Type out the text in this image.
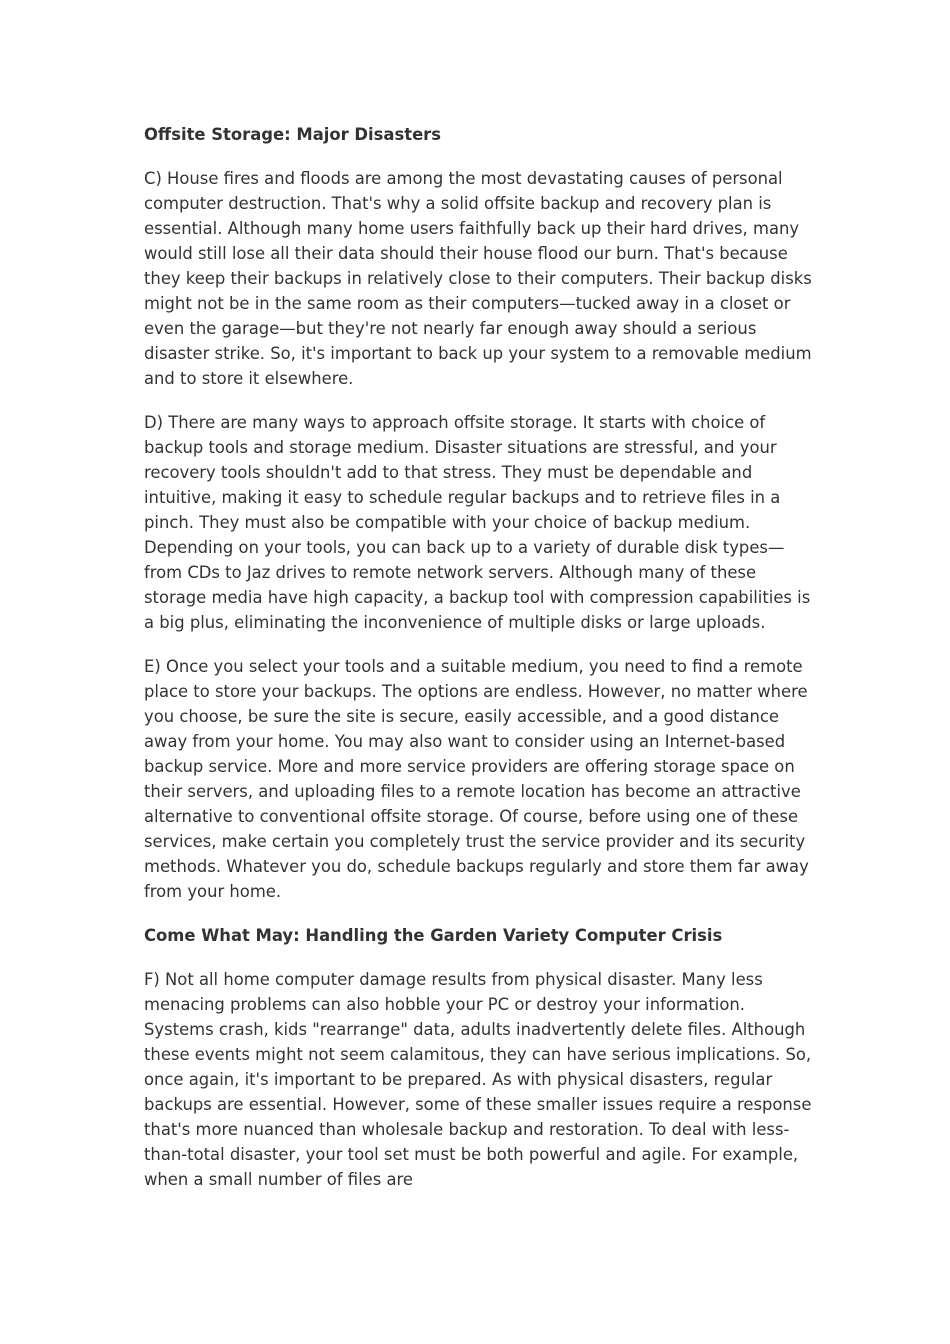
Offsite Storage: Major Disasters
C) House fires and floods are among the most devastating causes of personal computer destruction. That's why a solid offsite backup and recovery plan is essential. Although many home users faithfully back up their hard drives, many would still lose all their data should their house flood our burn. That's because they keep their backups in relatively close to their computers. Their backup disks might not be in the same room as their computers—tucked away in a closet or even the garage—but they're not nearly far enough away should a serious disaster strike. So, it's important to back up your system to a removable medium and to store it elsewhere.
D) There are many ways to approach offsite storage. It starts with choice of backup tools and storage medium. Disaster situations are stressful, and your recovery tools shouldn't add to that stress. They must be dependable and intuitive, making it easy to schedule regular backups and to retrieve files in a pinch. They must also be compatible with your choice of backup medium. Depending on your tools, you can back up to a variety of durable disk types—from CDs to Jaz drives to remote network servers. Although many of these storage media have high capacity, a backup tool with compression capabilities is a big plus, eliminating the inconvenience of multiple disks or large uploads.
E) Once you select your tools and a suitable medium, you need to find a remote place to store your backups. The options are endless. However, no matter where you choose, be sure the site is secure, easily accessible, and a good distance away from your home. You may also want to consider using an Internet-based backup service. More and more service providers are offering storage space on their servers, and uploading files to a remote location has become an attractive alternative to conventional offsite storage. Of course, before using one of these services, make certain you completely trust the service provider and its security methods. Whatever you do, schedule backups regularly and store them far away from your home.
Come What May: Handling the Garden Variety Computer Crisis
F) Not all home computer damage results from physical disaster. Many less menacing problems can also hobble your PC or destroy your information. Systems crash, kids "rearrange" data, adults inadvertently delete files. Although these events might not seem calamitous, they can have serious implications. So, once again, it's important to be prepared. As with physical disasters, regular backups are essential. However, some of these smaller issues require a response that's more nuanced than wholesale backup and restoration. To deal with less-than-total disaster, your tool set must be both powerful and agile. For example, when a small number of files are
